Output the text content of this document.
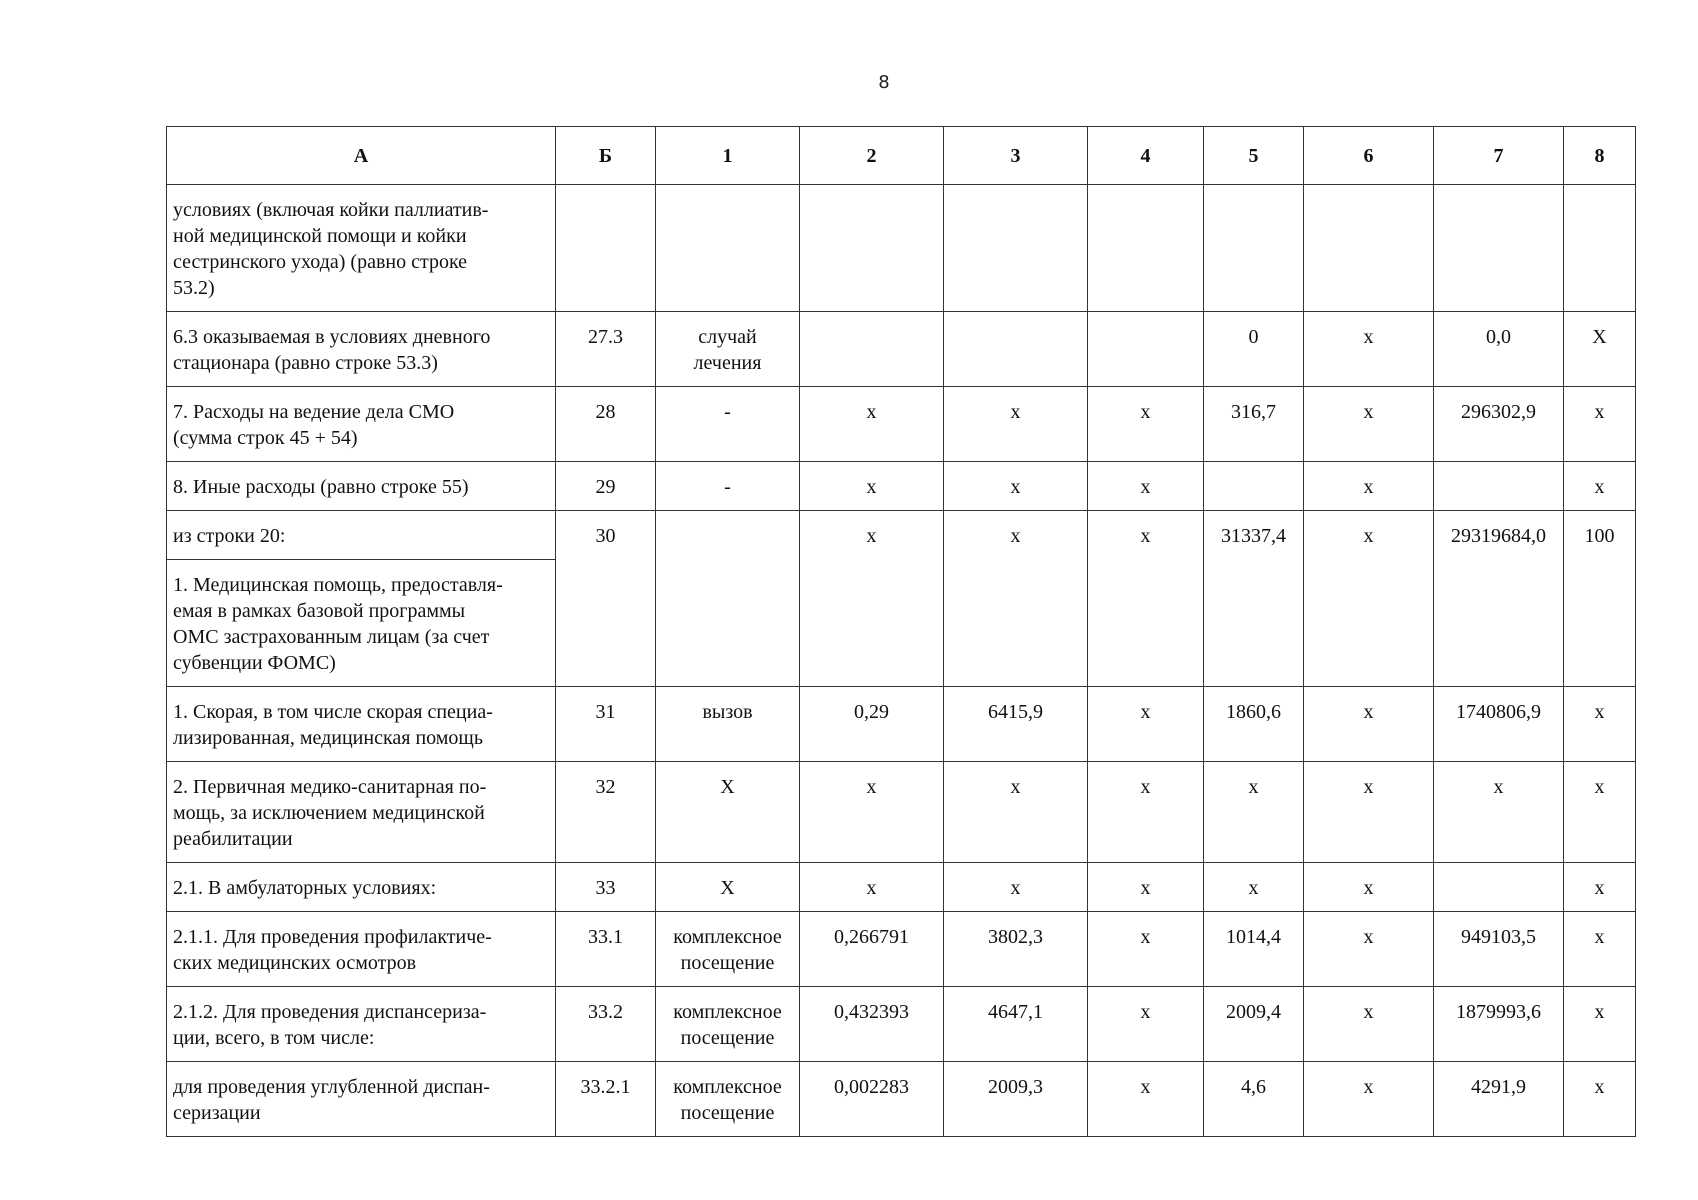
8
А	Б	1	2	3	4	5	6	7	8
условиях (включая койки паллиатив-
ной медицинской помощи и койки
сестринского ухода) (равно строке
53.2)									
6.3 оказываемая в условиях дневного
стационара (равно строке 53.3)	27.3	случай
лечения				0	х	0,0	Х
7. Расходы на ведение дела СМО
(сумма строк 45 + 54)	28	-	х	х	х	316,7	х	296302,9	х
8. Иные расходы (равно строке 55)	29	-	х	х	х		х		х
из строки 20:	30		х	х	х	31337,4	х	29319684,0	100
1. Медицинская помощь, предоставля-
емая в рамках базовой программы
ОМС застрахованным лицам (за счет
субвенции ФОМС)									
1. Скорая, в том числе скорая специа-
лизированная, медицинская помощь	31	вызов	0,29	6415,9	х	1860,6	х	1740806,9	х
2. Первичная медико-санитарная по-
мощь, за исключением медицинской
реабилитации	32	Х	х	х	х	х	х	х	х
2.1. В амбулаторных условиях:	33	Х	х	х	х	х	х		х
2.1.1. Для проведения профилактиче-
ских медицинских осмотров	33.1	комплексное
посещение	0,266791	3802,3	х	1014,4	х	949103,5	х
2.1.2. Для проведения диспансериза-
ции, всего, в том числе:	33.2	комплексное
посещение	0,432393	4647,1	х	2009,4	х	1879993,6	х
для проведения углубленной диспан-
серизации	33.2.1	комплексное
посещение	0,002283	2009,3	х	4,6	х	4291,9	х
